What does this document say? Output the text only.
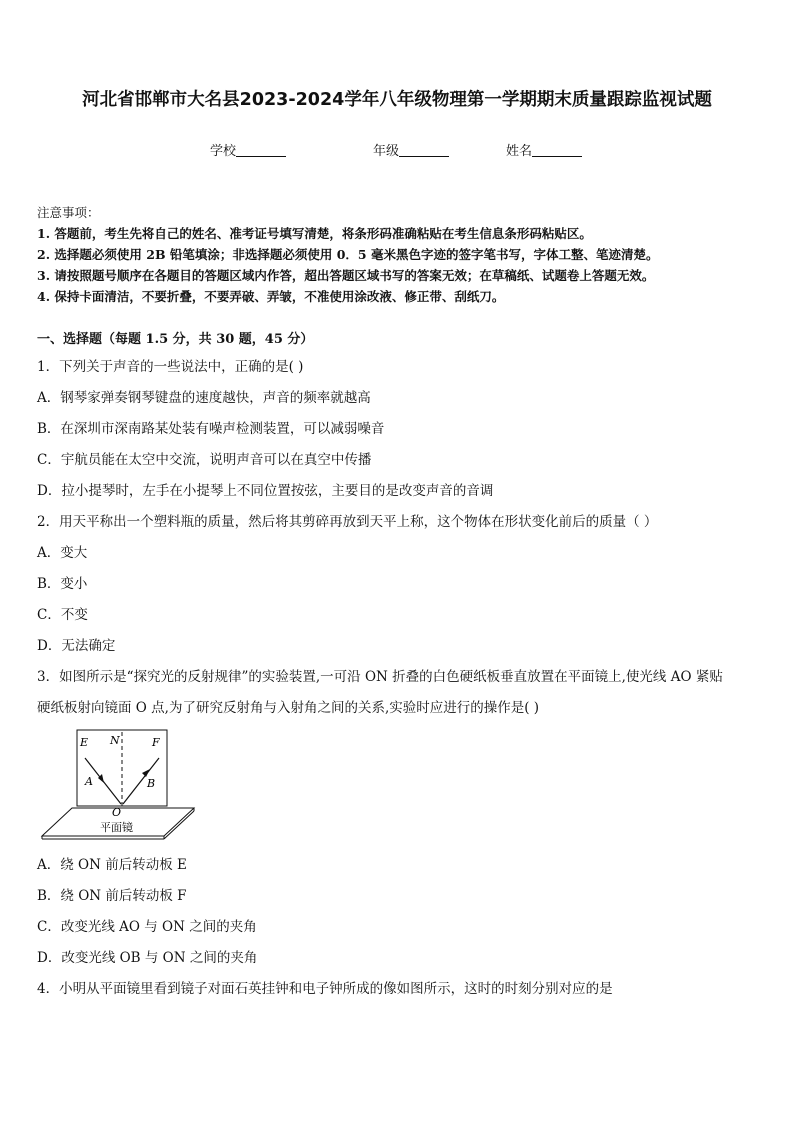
河北省邯郸市大名县2023-2024学年八年级物理第一学期期末质量跟踪监视试题
学校	年级	姓名
注意事项：
1. 答题前，考生先将自己的姓名、准考证号填写清楚，将条形码准确粘贴在考生信息条形码粘贴区。
2. 选择题必须使用 2B 铅笔填涂；非选择题必须使用 0．5 毫米黑色字迹的签字笔书写，字体工整、笔迹清楚。
3. 请按照题号顺序在各题目的答题区域内作答，超出答题区域书写的答案无效；在草稿纸、试题卷上答题无效。
4. 保持卡面清洁，不要折叠，不要弄破、弄皱，不准使用涂改液、修正带、刮纸刀。
一、选择题（每题 1.5 分，共 30 题，45 分）
1．下列关于声音的一些说法中，正确的是( )
A．钢琴家弹奏钢琴键盘的速度越快，声音的频率就越高
B．在深圳市深南路某处装有噪声检测装置，可以减弱噪音
C．宇航员能在太空中交流，说明声音可以在真空中传播
D．拉小提琴时，左手在小提琴上不同位置按弦，主要目的是改变声音的音调
2．用天平称出一个塑料瓶的质量，然后将其剪碎再放到天平上称，这个物体在形状变化前后的质量（ ）
A．变大
B．变小
C．不变
D．无法确定
3．如图所示是“探究光的反射规律”的实验装置,一可沿 ON 折叠的白色硬纸板垂直放置在平面镜上,使光线 AO 紧贴
硬纸板射向镜面 O 点,为了研究反射角与入射角之间的关系,实验时应进行的操作是( )
E N	F
A	B
O
平面镜
A．绕 ON 前后转动板 E
B．绕 ON 前后转动板 F
C．改变光线 AO 与 ON 之间的夹角
D．改变光线 OB 与 ON 之间的夹角
4．小明从平面镜里看到镜子对面石英挂钟和电子钟所成的像如图所示，这时的时刻分别对应的是
